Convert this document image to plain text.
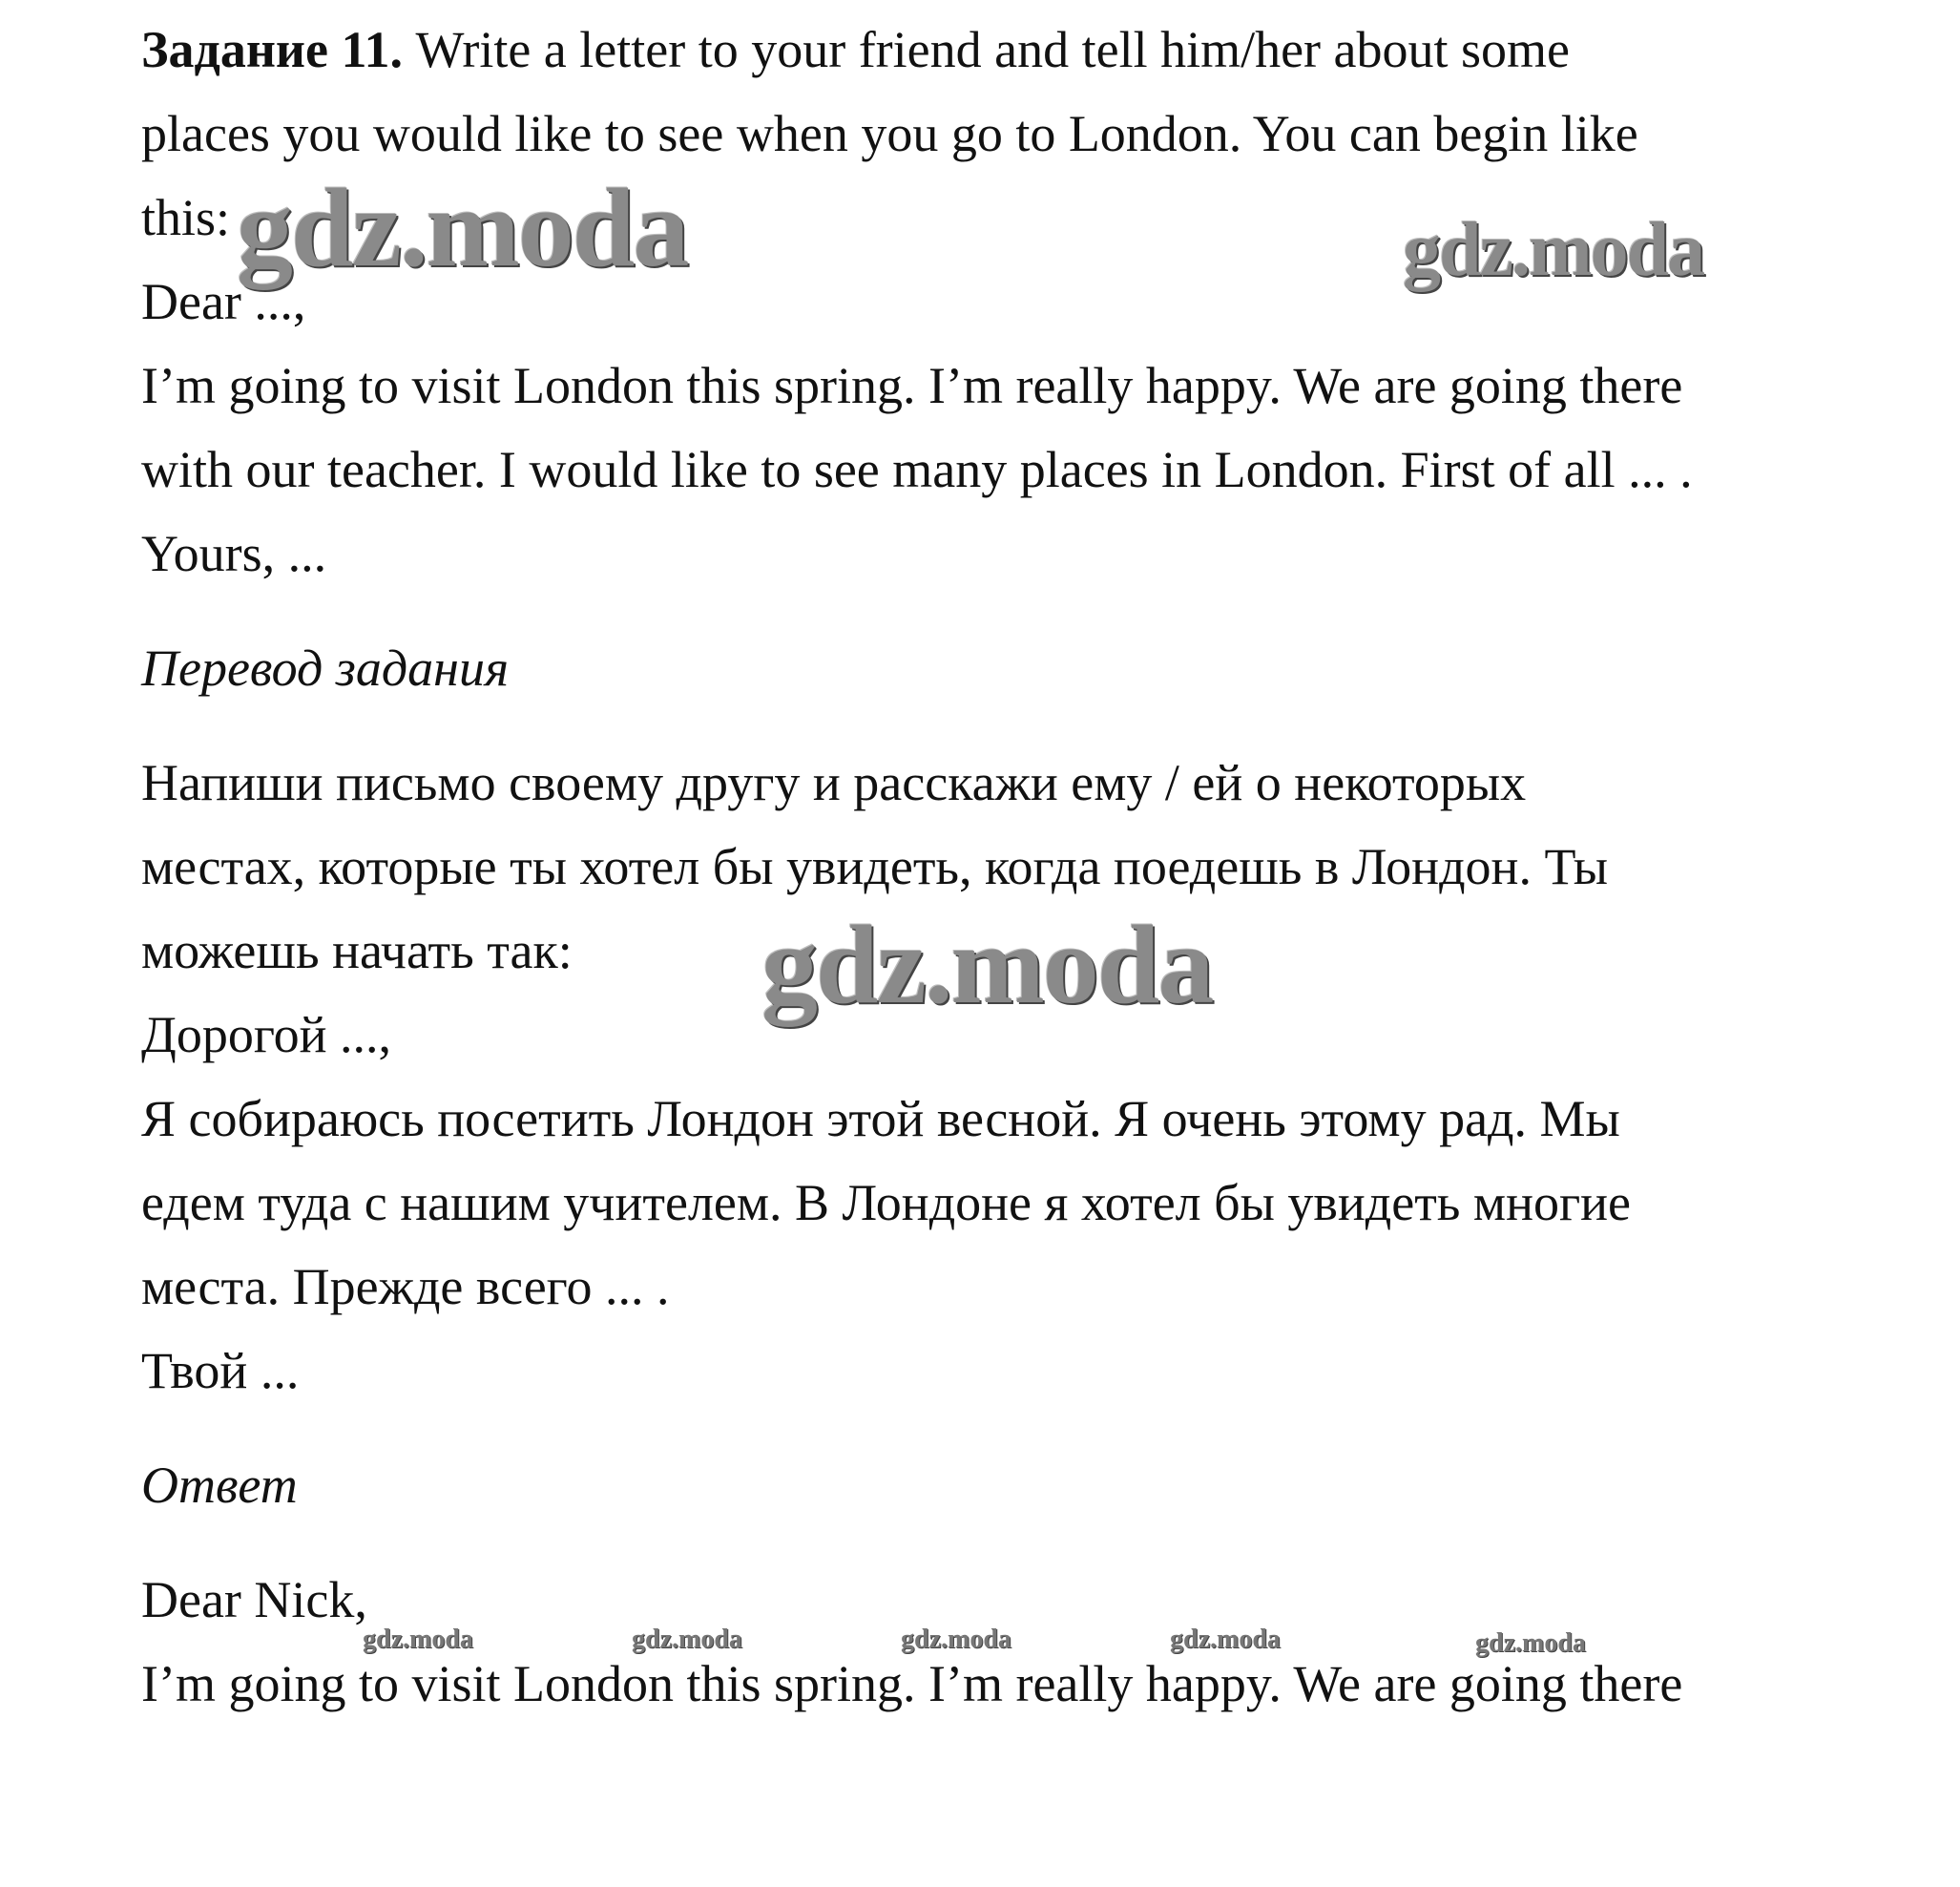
Задание 11. Write a letter to your friend and tell him/her about some
places you would like to see when you go to London. You can begin like
this:
Dear ...,
I’m going to visit London this spring. I’m really happy. We are going there
with our teacher. I would like to see many places in London. First of all ... .
Yours, ...
Перевод задания
Напиши письмо своему другу и расскажи ему / ей о некоторых
местах, которые ты хотел бы увидеть, когда поедешь в Лондон. Ты
можешь начать так:
Дорогой ...,
Я собираюсь посетить Лондон этой весной. Я очень этому рад. Мы
едем туда с нашим учителем. В Лондоне я хотел бы увидеть многие
места. Прежде всего ... .
Твой ...
Ответ
Dear Nick,
I’m going to visit London this spring. I’m really happy. We are going there
gdz.moda	gdz.moda
gdz.moda
gdz.moda	gdz.moda	gdz.moda	gdz.moda	gdz.moda
